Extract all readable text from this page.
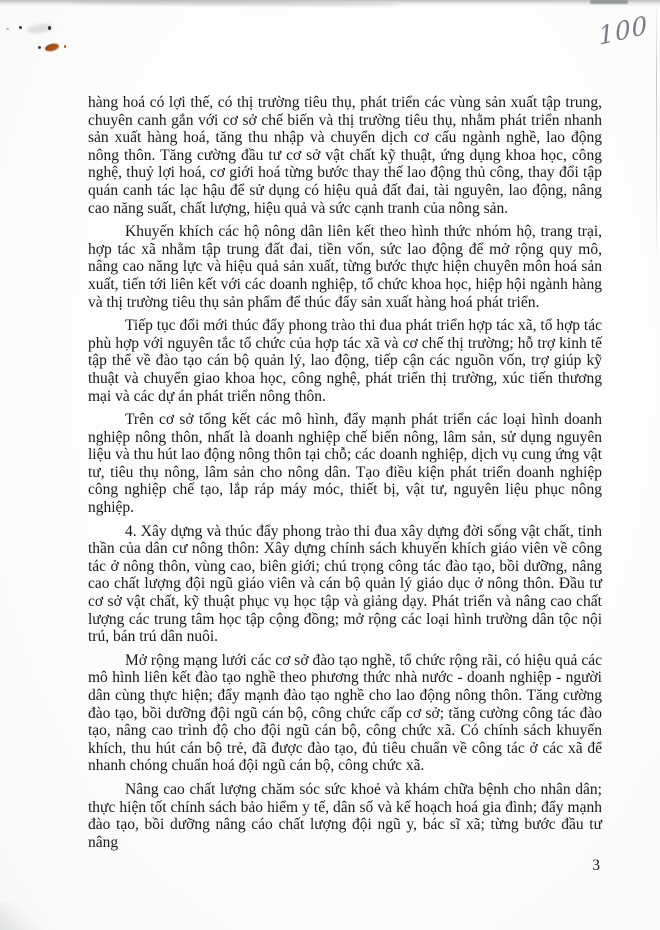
100

hàng hoá có lợi thế, có thị trường tiêu thụ, phát triển các vùng sản xuất tập trung, chuyên canh gắn với cơ sở chế biến và thị trường tiêu thụ, nhằm phát triển nhanh sản xuất hàng hoá, tăng thu nhập và chuyển dịch cơ cấu ngành nghề, lao động nông thôn. Tăng cường đầu tư cơ sở vật chất kỹ thuật, ứng dụng khoa học, công nghệ, thuỷ lợi hoá, cơ giới hoá từng bước thay thế lao động thủ công, thay đổi tập quán canh tác lạc hậu để sử dụng có hiệu quả đất đai, tài nguyên, lao động, nâng cao năng suất, chất lượng, hiệu quả và sức cạnh tranh của nông sản.

Khuyến khích các hộ nông dân liên kết theo hình thức nhóm hộ, trang trại, hợp tác xã nhằm tập trung đất đai, tiền vốn, sức lao động để mở rộng quy mô, nâng cao năng lực và hiệu quả sản xuất, từng bước thực hiện chuyên môn hoá sản xuất, tiến tới liên kết với các doanh nghiệp, tổ chức khoa học, hiệp hội ngành hàng và thị trường tiêu thụ sản phẩm để thúc đẩy sản xuất hàng hoá phát triển.

Tiếp tục đổi mới thúc đẩy phong trào thi đua phát triển hợp tác xã, tổ hợp tác phù hợp với nguyên tắc tổ chức của hợp tác xã và cơ chế thị trường; hỗ trợ kinh tế tập thể về đào tạo cán bộ quản lý, lao động, tiếp cận các nguồn vốn, trợ giúp kỹ thuật và chuyển giao khoa học, công nghệ, phát triển thị trường, xúc tiến thương mại và các dự án phát triển nông thôn.

Trên cơ sở tổng kết các mô hình, đẩy mạnh phát triển các loại hình doanh nghiệp nông thôn, nhất là doanh nghiệp chế biến nông, lâm sản, sử dụng nguyên liệu và thu hút lao động nông thôn tại chỗ; các doanh nghiệp, dịch vụ cung ứng vật tư, tiêu thụ nông, lâm sản cho nông dân. Tạo điều kiện phát triển doanh nghiệp công nghiệp chế tạo, lắp ráp máy móc, thiết bị, vật tư, nguyên liệu phục nông nghiệp.

4. Xây dựng và thúc đẩy phong trào thi đua xây dựng đời sống vật chất, tinh thần của dân cư nông thôn: Xây dựng chính sách khuyến khích giáo viên về công tác ở nông thôn, vùng cao, biên giới; chú trọng công tác đào tạo, bồi dưỡng, nâng cao chất lượng đội ngũ giáo viên và cán bộ quản lý giáo dục ở nông thôn. Đầu tư cơ sở vật chất, kỹ thuật phục vụ học tập và giảng dạy. Phát triển và nâng cao chất lượng các trung tâm học tập cộng đồng; mở rộng các loại hình trường dân tộc nội trú, bán trú dân nuôi.

Mở rộng mạng lưới các cơ sở đào tạo nghề, tổ chức rộng rãi, có hiệu quả các mô hình liên kết đào tạo nghề theo phương thức nhà nước - doanh nghiệp - người dân cùng thực hiện; đẩy mạnh đào tạo nghề cho lao động nông thôn. Tăng cường đào tạo, bồi dưỡng đội ngũ cán bộ, công chức cấp cơ sở; tăng cường công tác đào tạo, nâng cao trình độ cho đội ngũ cán bộ, công chức xã. Có chính sách khuyến khích, thu hút cán bộ trẻ, đã được đào tạo, đủ tiêu chuẩn về công tác ở các xã để nhanh chóng chuẩn hoá đội ngũ cán bộ, công chức xã.

Nâng cao chất lượng chăm sóc sức khoẻ và khám chữa bệnh cho nhân dân; thực hiện tốt chính sách bảo hiểm y tế, dân số và kế hoạch hoá gia đình; đẩy mạnh đào tạo, bồi dưỡng nâng cáo chất lượng đội ngũ y, bác sĩ xã; từng bước đầu tư nâng

3
